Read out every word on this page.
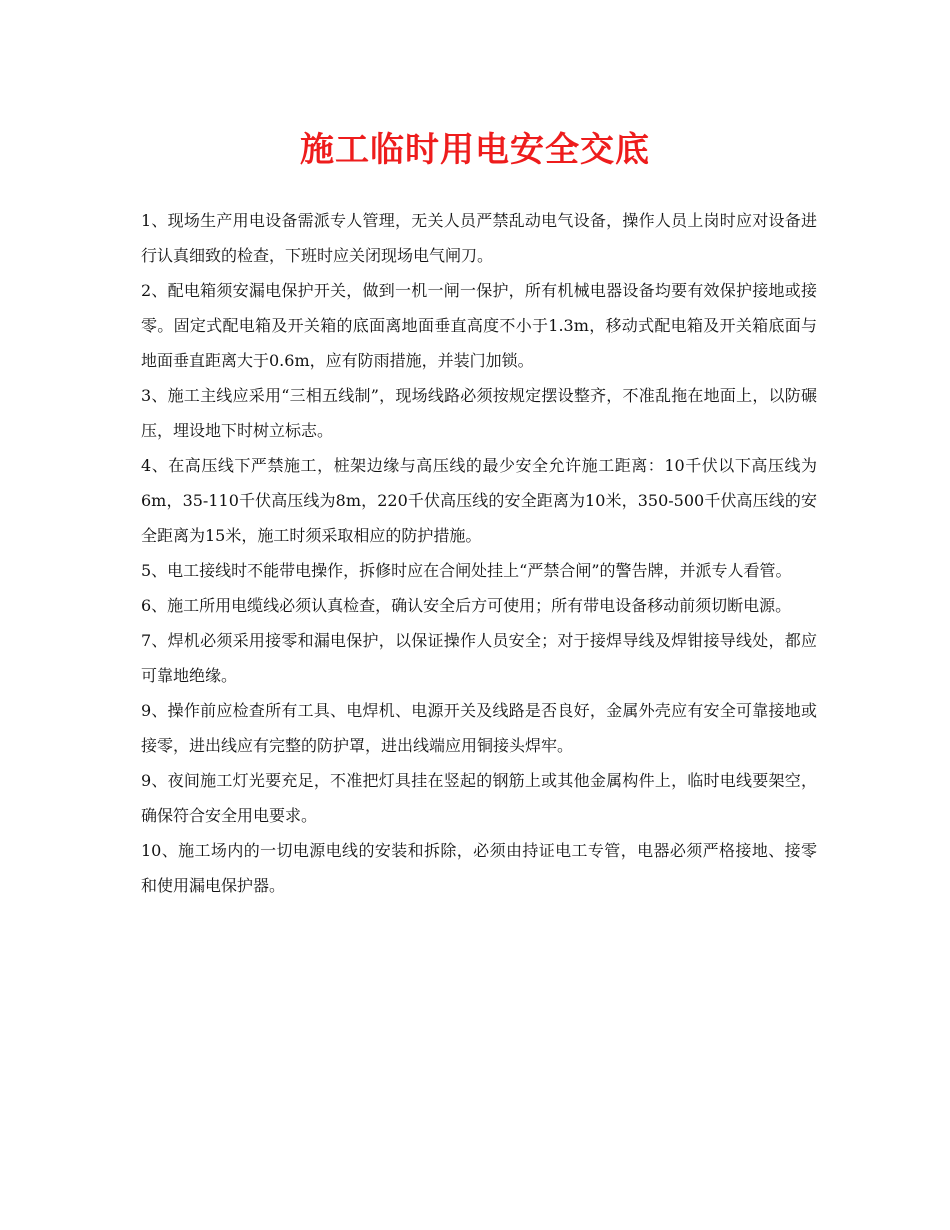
施工临时用电安全交底

1、现场生产用电设备需派专人管理，无关人员严禁乱动电气设备，操作人员上岗时应对设备进行认真细致的检查，下班时应关闭现场电气闸刀。

2、配电箱须安漏电保护开关，做到一机一闸一保护，所有机械电器设备均要有效保护接地或接零。固定式配电箱及开关箱的底面离地面垂直高度不小于1.3m，移动式配电箱及开关箱底面与地面垂直距离大于0.6m，应有防雨措施，并装门加锁。

3、施工主线应采用“三相五线制”，现场线路必须按规定摆设整齐，不准乱拖在地面上，以防碾压，埋设地下时树立标志。

4、在高压线下严禁施工，桩架边缘与高压线的最少安全允许施工距离：10千伏以下高压线为6m，35-110千伏高压线为8m，220千伏高压线的安全距离为10米，350-500千伏高压线的安全距离为15米，施工时须采取相应的防护措施。

5、电工接线时不能带电操作，拆修时应在合闸处挂上“严禁合闸”的警告牌，并派专人看管。

6、施工所用电缆线必须认真检查，确认安全后方可使用；所有带电设备移动前须切断电源。

7、焊机必须采用接零和漏电保护，以保证操作人员安全；对于接焊导线及焊钳接导线处，都应可靠地绝缘。

9、操作前应检查所有工具、电焊机、电源开关及线路是否良好，金属外壳应有安全可靠接地或接零，进出线应有完整的防护罩，进出线端应用铜接头焊牢。

9、夜间施工灯光要充足，不准把灯具挂在竖起的钢筋上或其他金属构件上，临时电线要架空，确保符合安全用电要求。

10、施工场内的一切电源电线的安装和拆除，必须由持证电工专管，电器必须严格接地、接零和使用漏电保护器。
